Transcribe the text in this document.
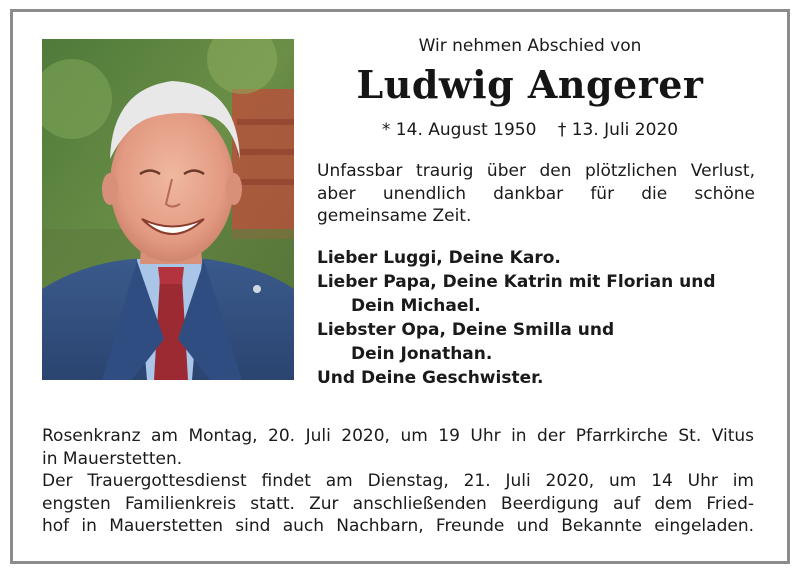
Wir nehmen Abschied von
Ludwig Angerer
* 14. August 1950 † 13. Juli 2020
Unfassbar traurig über den plötzlichen Verlust, aber unendlich dankbar für die schöne gemeinsame Zeit.
Lieber Luggi, Deine Karo.
Lieber Papa, Deine Katrin mit Florian und
Dein Michael.
Liebster Opa, Deine Smilla und
Dein Jonathan.
Und Deine Geschwister.
Rosenkranz am Montag, 20. Juli 2020, um 19 Uhr in der Pfarrkirche St. Vitus
in Mauerstetten.
Der Trauergottesdienst findet am Dienstag, 21. Juli 2020, um 14 Uhr im
engsten Familienkreis statt. Zur anschließenden Beerdigung auf dem Fried-
hof in Mauerstetten sind auch Nachbarn, Freunde und Bekannte eingeladen.
